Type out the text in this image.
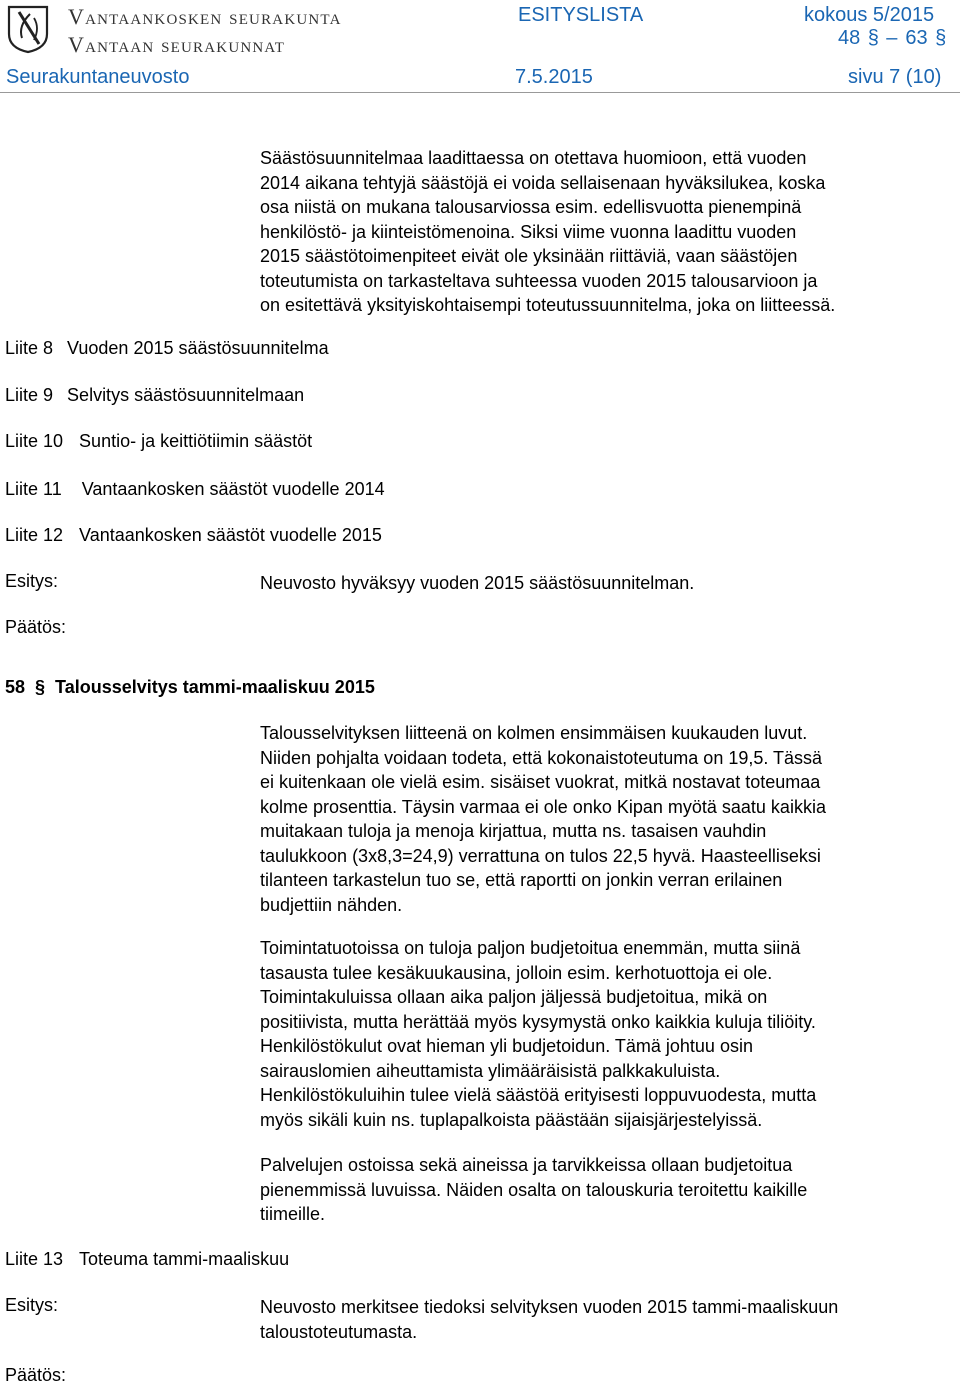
Vantaankosken seurakunta
Vantaan seurakunnat
ESITYSLISTA	kokous 5/2015
48 § – 63 §
Seurakuntaneuvosto	7.5.2015	sivu 7 (10)
Säästösuunnitelmaa laadittaessa on otettava huomioon, että vuoden
2014 aikana tehtyjä säästöjä ei voida sellaisenaan hyväksilukea, koska
osa niistä on mukana talousarviossa esim. edellisvuotta pienempinä
henkilöstö- ja kiinteistömenoina. Siksi viime vuonna laadittu vuoden
2015 säästötoimenpiteet eivät ole yksinään riittäviä, vaan säästöjen
toteutumista on tarkasteltava suhteessa vuoden 2015 talousarvioon ja
on esitettävä yksityiskohtaisempi toteutussuunnitelma, joka on liitteessä.
Liite 8 Vuoden 2015 säästösuunnitelma
Liite 9 Selvitys säästösuunnitelmaan
Liite 10 Suntio- ja keittiötiimin säästöt
Liite 11 Vantaankosken säästöt vuodelle 2014
Liite 12 Vantaankosken säästöt vuodelle 2015
Esitys:	Neuvosto hyväksyy vuoden 2015 säästösuunnitelman.
Päätös:
58 § Talousselvitys tammi-maaliskuu 2015
Talousselvityksen liitteenä on kolmen ensimmäisen kuukauden luvut.
Niiden pohjalta voidaan todeta, että kokonaistoteutuma on 19,5. Tässä
ei kuitenkaan ole vielä esim. sisäiset vuokrat, mitkä nostavat toteumaa
kolme prosenttia. Täysin varmaa ei ole onko Kipan myötä saatu kaikkia
muitakaan tuloja ja menoja kirjattua, mutta ns. tasaisen vauhdin
taulukkoon (3x8,3=24,9) verrattuna on tulos 22,5 hyvä. Haasteelliseksi
tilanteen tarkastelun tuo se, että raportti on jonkin verran erilainen
budjettiin nähden.
Toimintatuotoissa on tuloja paljon budjetoitua enemmän, mutta siinä
tasausta tulee kesäkuukausina, jolloin esim. kerhotuottoja ei ole.
Toimintakuluissa ollaan aika paljon jäljessä budjetoitua, mikä on
positiivista, mutta herättää myös kysymystä onko kaikkia kuluja tiliöity.
Henkilöstökulut ovat hieman yli budjetoidun. Tämä johtuu osin
sairauslomien aiheuttamista ylimääräisistä palkkakuluista.
Henkilöstökuluihin tulee vielä säästöä erityisesti loppuvuodesta, mutta
myös sikäli kuin ns. tuplapalkoista päästään sijaisjärjestelyissä.
Palvelujen ostoissa sekä aineissa ja tarvikkeissa ollaan budjetoitua
pienemmissä luvuissa. Näiden osalta on talouskuria teroitettu kaikille
tiimeille.
Liite 13 Toteuma tammi-maaliskuu
Esitys:	Neuvosto merkitsee tiedoksi selvityksen vuoden 2015 tammi-maaliskuun
taloustoteutumasta.
Päätös:
